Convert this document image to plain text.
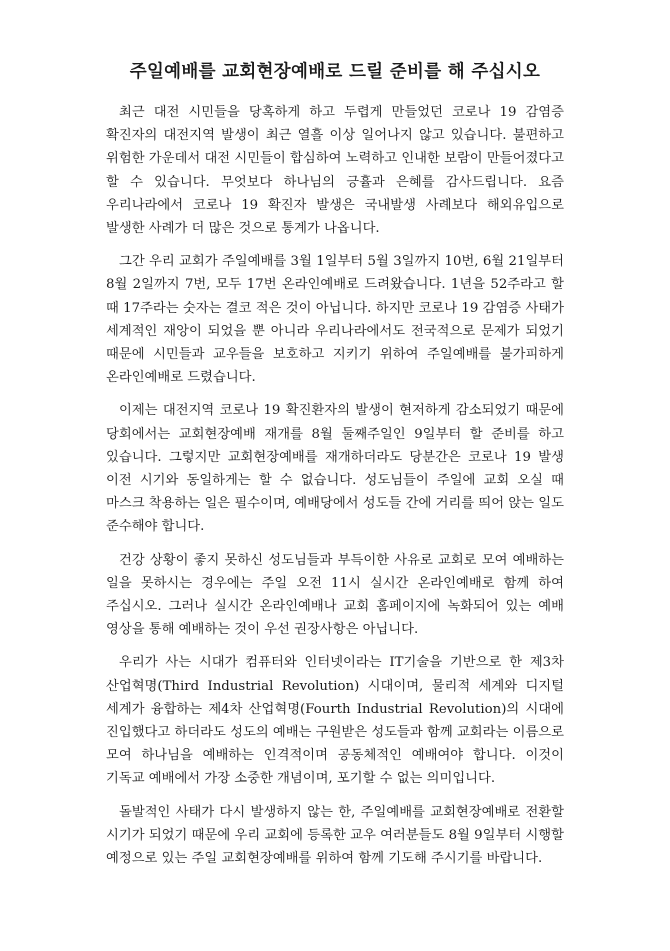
주일예배를 교회현장예배로 드릴 준비를 해 주십시오

최근 대전 시민들을 당혹하게 하고 두렵게 만들었던 코로나 19 감염증 확진자의 대전지역 발생이 최근 열흘 이상 일어나지 않고 있습니다. 불편하고 위험한 가운데서 대전 시민들이 합심하여 노력하고 인내한 보람이 만들어졌다고 할 수 있습니다. 무엇보다 하나님의 긍휼과 은혜를 감사드립니다. 요즘 우리나라에서 코로나 19 확진자 발생은 국내발생 사례보다 해외유입으로 발생한 사례가 더 많은 것으로 통계가 나옵니다.

그간 우리 교회가 주일예배를 3월 1일부터 5월 3일까지 10번, 6월 21일부터 8월 2일까지 7번, 모두 17번 온라인예배로 드려왔습니다. 1년을 52주라고 할 때 17주라는 숫자는 결코 적은 것이 아닙니다. 하지만 코로나 19 감염증 사태가 세계적인 재앙이 되었을 뿐 아니라 우리나라에서도 전국적으로 문제가 되었기 때문에 시민들과 교우들을 보호하고 지키기 위하여 주일예배를 불가피하게 온라인예배로 드렸습니다.

이제는 대전지역 코로나 19 확진환자의 발생이 현저하게 감소되었기 때문에 당회에서는 교회현장예배 재개를 8월 둘째주일인 9일부터 할 준비를 하고 있습니다. 그렇지만 교회현장예배를 재개하더라도 당분간은 코로나 19 발생 이전 시기와 동일하게는 할 수 없습니다. 성도님들이 주일에 교회 오실 때 마스크 착용하는 일은 필수이며, 예배당에서 성도들 간에 거리를 띄어 앉는 일도 준수해야 합니다.

건강 상황이 좋지 못하신 성도님들과 부득이한 사유로 교회로 모여 예배하는 일을 못하시는 경우에는 주일 오전 11시 실시간 온라인예배로 함께 하여 주십시오. 그러나 실시간 온라인예배나 교회 홈페이지에 녹화되어 있는 예배 영상을 통해 예배하는 것이 우선 권장사항은 아닙니다.

우리가 사는 시대가 컴퓨터와 인터넷이라는 IT기술을 기반으로 한 제3차 산업혁명(Third Industrial Revolution) 시대이며, 물리적 세계와 디지털 세계가 융합하는 제4차 산업혁명(Fourth Industrial Revolution)의 시대에 진입했다고 하더라도 성도의 예배는 구원받은 성도들과 함께 교회라는 이름으로 모여 하나님을 예배하는 인격적이며 공동체적인 예배여야 합니다. 이것이 기독교 예배에서 가장 소중한 개념이며, 포기할 수 없는 의미입니다.

돌발적인 사태가 다시 발생하지 않는 한, 주일예배를 교회현장예배로 전환할 시기가 되었기 때문에 우리 교회에 등록한 교우 여러분들도 8월 9일부터 시행할 예정으로 있는 주일 교회현장예배를 위하여 함께 기도해 주시기를 바랍니다.
